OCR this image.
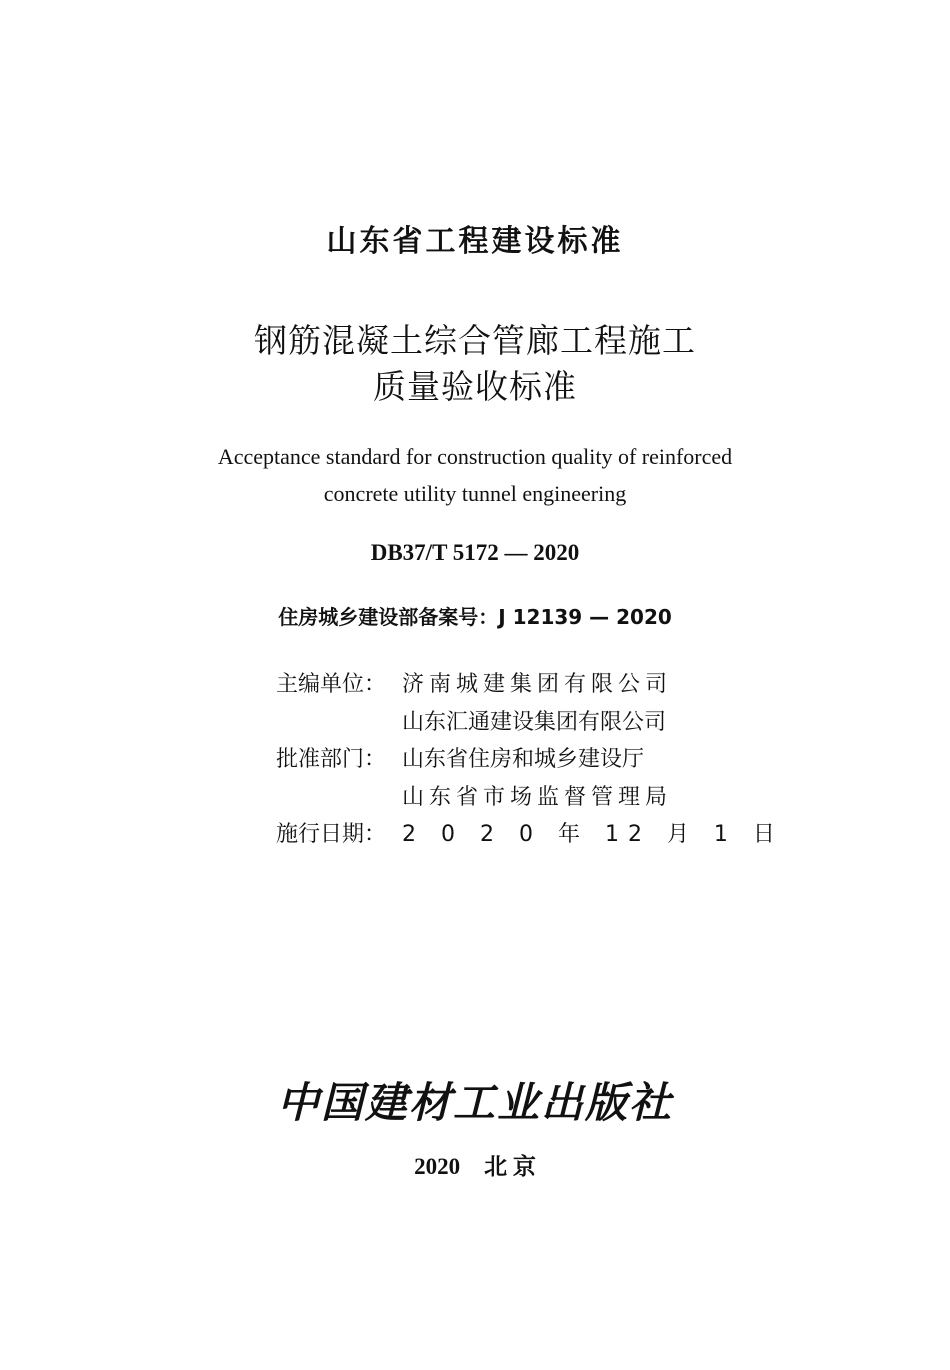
山东省工程建设标准
钢筋混凝土综合管廊工程施工
质量验收标准
Acceptance standard for construction quality of reinforced
concrete utility tunnel engineering
DB37/T 5172 — 2020
住房城乡建设部备案号：J 12139 — 2020
主编单位： 济南城建集团有限公司
山东汇通建设集团有限公司
批准部门： 山东省住房和城乡建设厅
山东省市场监督管理局
施行日期： 2 0 2 0 年 12 月 1 日
中国建材工业出版社
2020 北 京
